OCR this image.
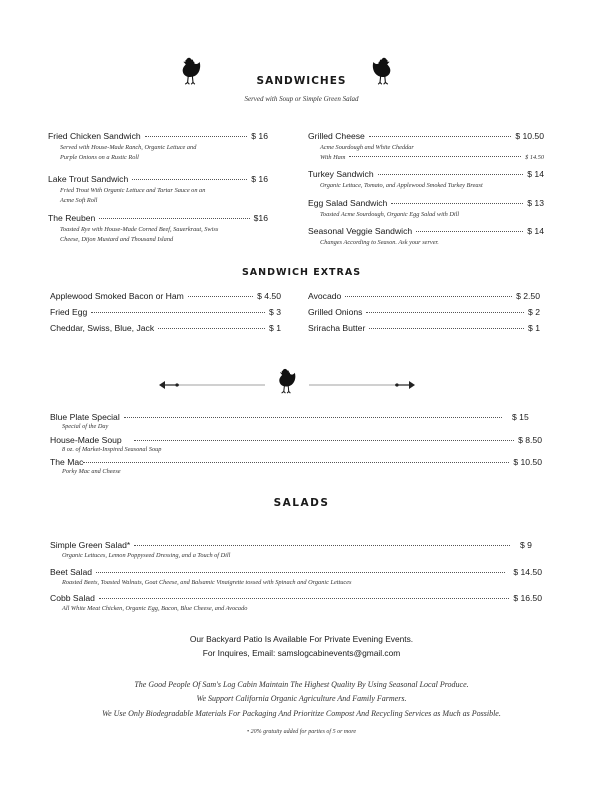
SANDWICHES
Served with Soup or Simple Green Salad
Fried Chicken Sandwich	$ 16
Served with House-Made Ranch, Organic Lettuce and
Purple Onions on a Rustic Roll
Lake Trout Sandwich	$ 16
Fried Trout With Organic Lettuce and Tartar Sauce on an
Acme Soft Roll
The Reuben	$16
Toasted Rye with House-Made Corned Beef, Sauerkraut, Swiss
Cheese, Dijon Mustard and Thousand Island
Grilled Cheese	$ 10.50
Acme Sourdough and White Cheddar
With Ham	$ 14.50
Turkey Sandwich	$ 14
Organic Lettuce, Tomato, and Applewood Smoked Turkey Breast
Egg Salad Sandwich	$ 13
Toasted Acme Sourdough, Organic Egg Salad with Dill
Seasonal Veggie Sandwich	$ 14
Changes According to Season. Ask your server.
SANDWICH EXTRAS
Applewood Smoked Bacon or Ham	$ 4.50
Fried Egg	$ 3
Cheddar, Swiss, Blue, Jack	$ 1
Avocado	$ 2.50
Grilled Onions	$ 2
Sriracha Butter	$ 1
Blue Plate Special	$ 15
Special of the Day
House-Made Soup	$ 8.50
8 oz. of Market-Inspired Seasonal Soup
The Mac	$ 10.50
Porky Mac and Cheese
SALADS
Simple Green Salad*	$ 9
Organic Lettuces, Lemon Poppyseed Dressing, and a Touch of Dill
Beet Salad	$ 14.50
Roasted Beets, Toasted Walnuts, Goat Cheese, and Balsamic Vinaigrette tossed with Spinach and Organic Lettuces
Cobb Salad	$ 16.50
All White Meat Chicken, Organic Egg, Bacon, Blue Cheese, and Avocado
Our Backyard Patio Is Available For Private Evening Events.
For Inquires, Email: samslogcabinevents@gmail.com
The Good People Of Sam's Log Cabin Maintain The Highest Quality By Using Seasonal Local Produce.
We Support California Organic Agriculture And Family Farmers.
We Use Only Biodegradable Materials For Packaging And Prioritize Compost And Recycling Services as Much as Possible.
• 20% gratuity added for parties of 5 or more
